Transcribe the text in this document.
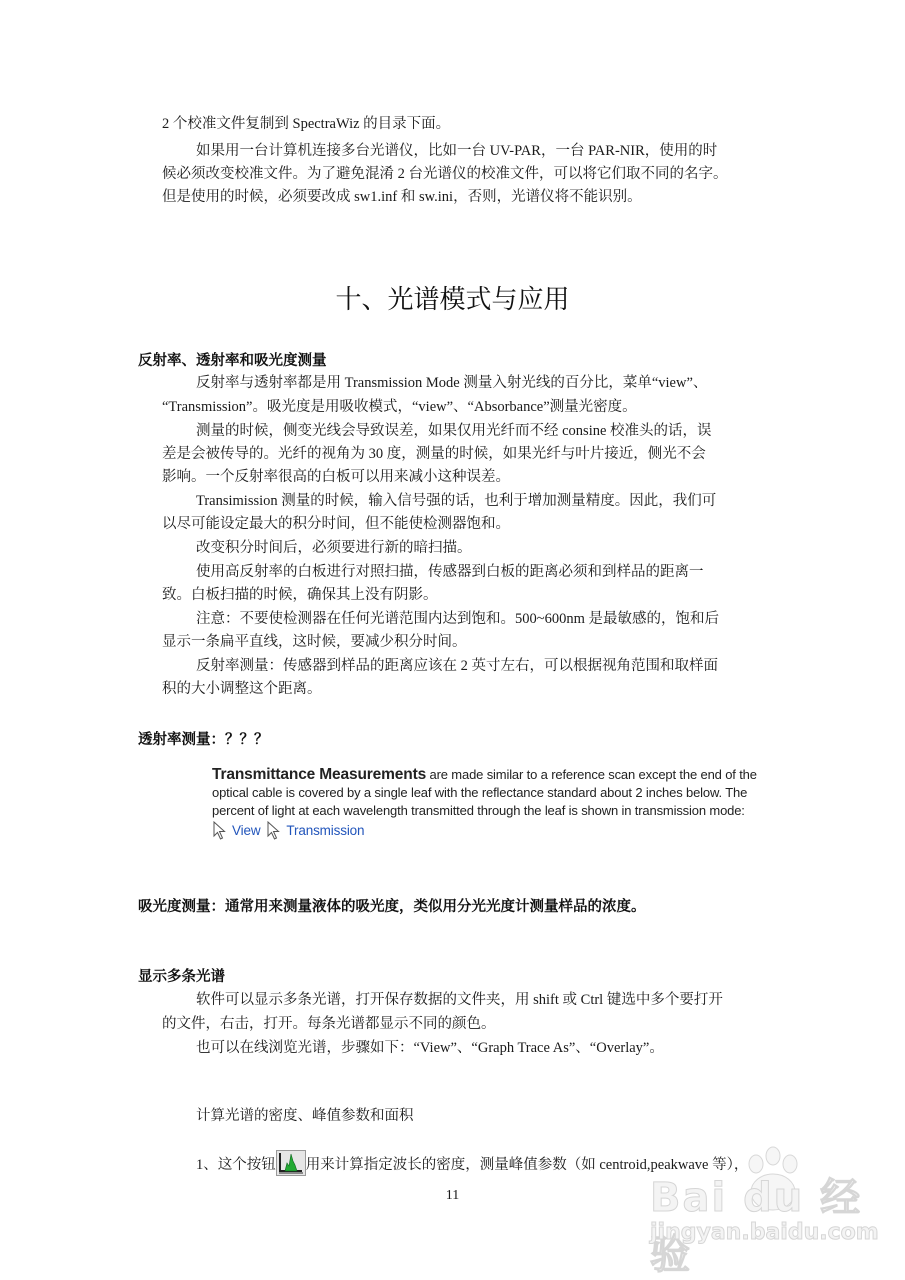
2 个校准文件复制到 SpectraWiz 的目录下面。
如果用一台计算机连接多台光谱仪，比如一台 UV-PAR，一台 PAR-NIR，使用的时
候必须改变校准文件。为了避免混淆 2 台光谱仪的校准文件，可以将它们取不同的名字。
但是使用的时候，必须要改成 sw1.inf 和 sw.ini，否则，光谱仪将不能识别。
十、光谱模式与应用
反射率、透射率和吸光度测量
反射率与透射率都是用 Transmission Mode 测量入射光线的百分比，菜单“view”、
“Transmission”。吸光度是用吸收模式，“view”、“Absorbance”测量光密度。
测量的时候，侧变光线会导致误差，如果仅用光纤而不经 consine 校准头的话，误
差是会被传导的。光纤的视角为 30 度，测量的时候，如果光纤与叶片接近，侧光不会
影响。一个反射率很高的白板可以用来减小这种误差。
Transimission 测量的时候，输入信号强的话，也利于增加测量精度。因此，我们可
以尽可能设定最大的积分时间，但不能使检测器饱和。
改变积分时间后，必须要进行新的暗扫描。
使用高反射率的白板进行对照扫描，传感器到白板的距离必须和到样品的距离一
致。白板扫描的时候，确保其上没有阴影。
注意：不要使检测器在任何光谱范围内达到饱和。500~600nm 是最敏感的，饱和后
显示一条扁平直线，这时候，要减少积分时间。
反射率测量：传感器到样品的距离应该在 2 英寸左右，可以根据视角范围和取样面
积的大小调整这个距离。
透射率测量：？？？
Transmittance Measurements are made similar to a reference scan except the end of the
optical cable is covered by a single leaf with the reflectance standard about 2 inches below. The
percent of light at each wavelength transmitted through the leaf is shown in transmission mode:
View Transmission
吸光度测量：通常用来测量液体的吸光度，类似用分光光度计测量样品的浓度。
显示多条光谱
软件可以显示多条光谱，打开保存数据的文件夹，用 shift 或 Ctrl 键选中多个要打开
的文件，右击，打开。每条光谱都显示不同的颜色。
也可以在线浏览光谱，步骤如下：“View”、“Graph Trace As”、“Overlay”。
计算光谱的密度、峰值参数和面积
1、这个按钮 用来计算指定波长的密度，测量峰值参数（如 centroid,peakwave 等），
11	Bai du 经验
jingyan.baidu.com
